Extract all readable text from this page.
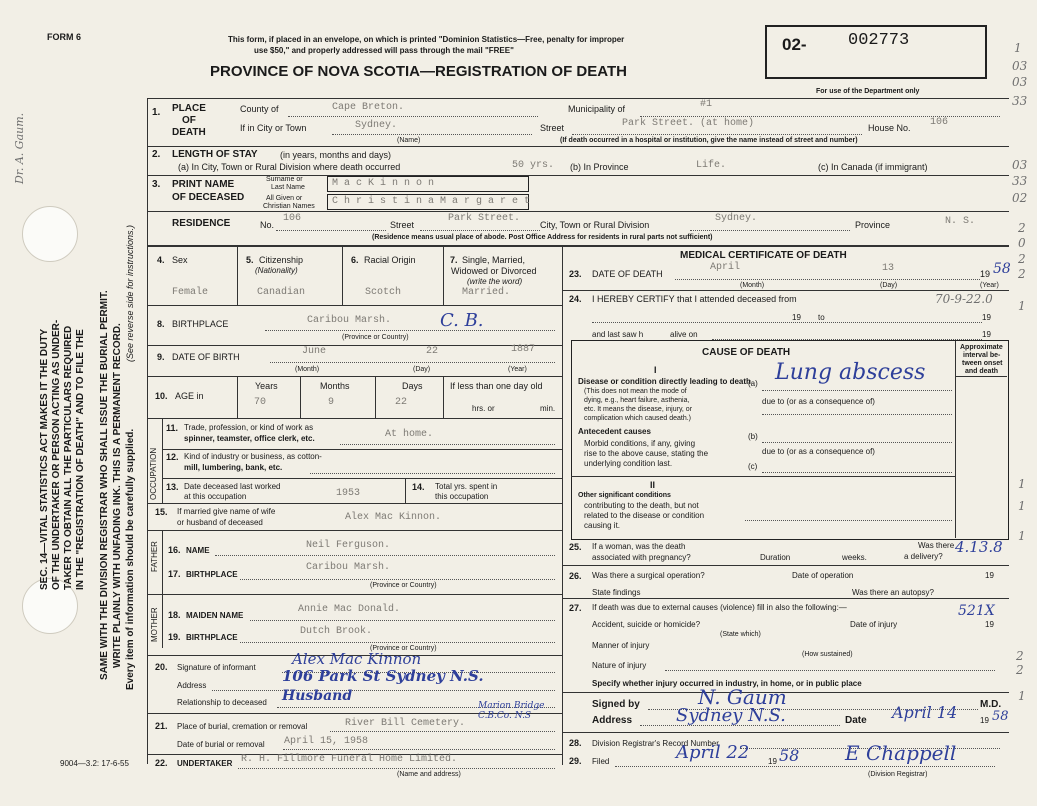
FORM 6	This form, if placed in an envelope, on which is printed "Dominion Statistics—Free, penalty for improper
use $50," and properly addressed will pass through the mail "FREE"
PROVINCE OF NOVA SCOTIA—REGISTRATION OF DEATH
02- 002773
For use of the Department only
1
03
03
33
03
33
02
2
0
2
2
1
1
1
1
2
2
1
SEC. 14—VITAL STATISTICS ACT MAKES IT THE DUTY OF THE UNDERTAKER OR PERSON ACTING AS UNDER- TAKER TO OBTAIN ALL THE PARTICULARS REQUIRED IN THE "REGISTRATION OF DEATH" AND TO FILE THE SAME WITH THE DIVISION REGISTRAR WHO SHALL ISSUE THE BURIAL PERMIT. WRITE PLAINLY WITH UNFADING INK. THIS IS A PERMANENT RECORD.
(See reverse side for instructions.)
Every item of information should be carefully supplied.
Dr. A. Gaum.
1. PLACE
OF
DEATH
County of	Cape Breton.	Municipality of	#1
If in City or Town	Sydney.
(Name)
Street	Park Street. (at home)	House No. 106
(If death occurred in a hospital or institution, give the name instead of street and number)
2. LENGTH OF STAY (in years, months and days)
(a) In City, Town or Rural Division where death occurred	50 yrs. (b) In Province	Life.	(c) In Canada (if immigrant)
3. PRINT NAME
OF DECEASED
Surname or
Last Name
All Given or
Christian Names
M a c K i n n o n
C h r i s t i n a M a r g a r e t
RESIDENCE	No.
106
Street
Park Street.
City, Town or Rural Division
Sydney.
Province	N. S.
(Residence means usual place of abode. Post Office Address for residents in rural parts not sufficient)
4. Sex
Female
5. Citizenship
(Nationality)
Canadian
6. Racial Origin
Scotch
7. Single, Married,
Widowed or Divorced
(write the word)
Married.
8. BIRTHPLACE	Caribou Marsh.	C. B.
(Province or Country)
9. DATE OF BIRTH	June	22	1887
(Month)	(Day)	(Year)
10. AGE in
Years	Months	Days
70	9	22
If less than one day old
hrs. or	min.
OCCUPATION
11. Trade, profession, or kind of work as
spinner, teamster, office clerk, etc.	At home.
12. Kind of industry or business, as cotton-
mill, lumbering, bank, etc.
13. Date deceased last worked
at this occupation	1953
14. Total yrs. spent in
this occupation
15. If married give name of wife
or husband of deceased	Alex Mac Kinnon.
FATHER 16. NAME	Neil Ferguson.
17. BIRTHPLACE
Caribou Marsh.
(Province or Country)
MOTHER 18. MAIDEN NAME
Annie Mac Donald.
19. BIRTHPLACE
Dutch Brook.
(Province or Country)
20. Signature of informant Alex Mac Kinnon
Address
106 Park St Sydney N.S.
Relationship to deceased Husband
21. Place of burial, cremation or removal	River Bill Cemetery.
Marion Bridge C.B.Co. N.S
Date of burial or removal April 15, 1958
22. UNDERTAKER R. H. Fillmore Funeral Home Limited.
(Name and address)
MEDICAL CERTIFICATE OF DEATH
23. DATE OF DEATH
April	13	19 58
(Month)	(Day)	(Year)
24. I HEREBY CERTIFY that I attended deceased from	70-9-22.0
19 to	19
and last saw h	alive on	19
CAUSE OF DEATH	Approximate
interval be-
tween onset
and death
I
Disease or condition directly leading to death
(This does not mean the mode of
dying, e.g., heart failure, asthenia,
etc. It means the disease, injury, or
complication which caused death.)
(a) Lung abscess
due to (or as a consequence of)
Antecedent causes
Morbid conditions, if any, giving
rise to the above cause, stating the
underlying condition last.
(b)
due to (or as a consequence of)
(c)
II
Other significant conditions
contributing to the death, but not
related to the disease or condition
causing it.
25. If a woman, was the death
associated with pregnancy?	Duration	weeks.
Was there
a delivery?
4.13.8
26. Was there a surgical operation?	Date of operation	19
State findings	Was there an autopsy?
27. If death was due to external causes (violence) fill in also the following:—	521X
Accident, suicide or homicide?
(State which)
Date of injury	19
Manner of injury
(How sustained)
Nature of injury
Specify whether injury occurred in industry, in home, or in public place
Signed by	N. Gaum	M.D.
Address Sydney N.S.	Date April 14	19 58
28. Division Registrar's Record Number
29. Filed	April 22 19 58 E Chappell
(Division Registrar)
9004—3.2: 17-6-55
